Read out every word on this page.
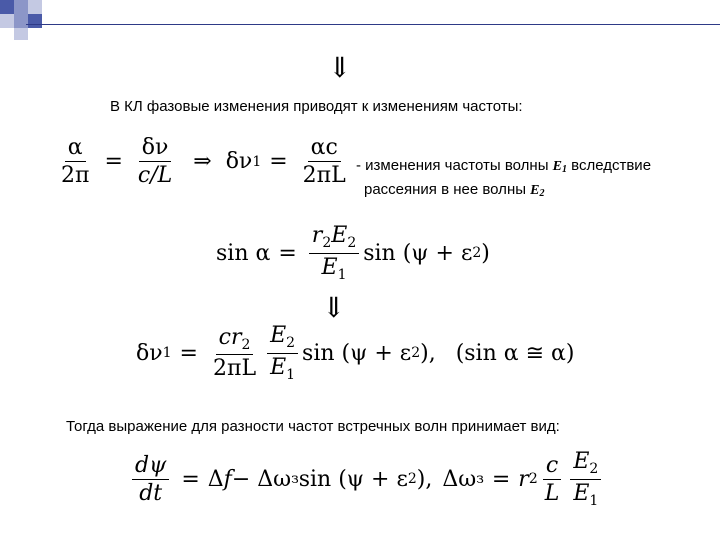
⇓
В КЛ фазовые изменения приводят к изменениям частоты:
$\frac{\alpha}{2\pi} = \frac{\delta\nu}{c/L}$ ⇒ δν $1 = \frac{\alpha c}{2\pi L}$ - изменения частоты волны $E_1$ вследствие
рассеяния в нее волны $E_2$
$\sin \alpha = \frac{r_2E_2}{E_1}$ sin (ψ + ε 2 )
⇓
δν $1 = \frac{cr_2}{2\pi L} \frac{E_2}{E_1}$ sin (ψ + ε 2 ), (sin α ≅ α)
Тогда выражение для разности частот встречных волн принимает вид:
$\frac{d\psi}{dt} = \Delta$ f − Δω з sin (ψ + ε 2 ), Δω з = r $2 \frac{c}{L} \frac{E_2}{E_1}$
